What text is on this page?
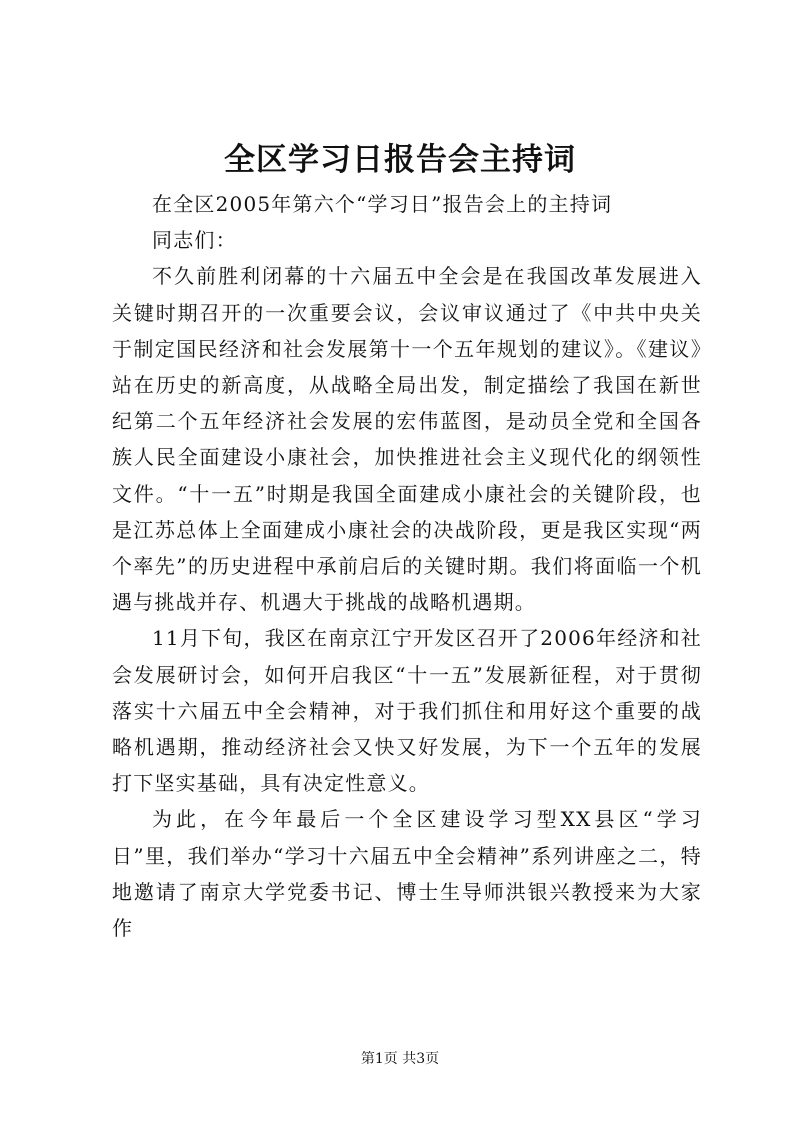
全区学习日报告会主持词

在全区2005年第六个“学习日”报告会上的主持词

同志们：

不久前胜利闭幕的十六届五中全会是在我国改革发展进入关键时期召开的一次重要会议，会议审议通过了《中共中央关于制定国民经济和社会发展第十一个五年规划的建议》。《建议》站在历史的新高度，从战略全局出发，制定描绘了我国在新世纪第二个五年经济社会发展的宏伟蓝图，是动员全党和全国各族人民全面建设小康社会，加快推进社会主义现代化的纲领性文件。“十一五”时期是我国全面建成小康社会的关键阶段，也是江苏总体上全面建成小康社会的决战阶段，更是我区实现“两个率先”的历史进程中承前启后的关键时期。我们将面临一个机遇与挑战并存、机遇大于挑战的战略机遇期。

11月下旬，我区在南京江宁开发区召开了2006年经济和社会发展研讨会，如何开启我区“十一五”发展新征程，对于贯彻落实十六届五中全会精神，对于我们抓住和用好这个重要的战略机遇期，推动经济社会又快又好发展，为下一个五年的发展打下坚实基础，具有决定性意义。

为此，在今年最后一个全区建设学习型XX县区“学习日”里，我们举办“学习十六届五中全会精神”系列讲座之二，特地邀请了南京大学党委书记、博士生导师洪银兴教授来为大家作

第1页 共3页
